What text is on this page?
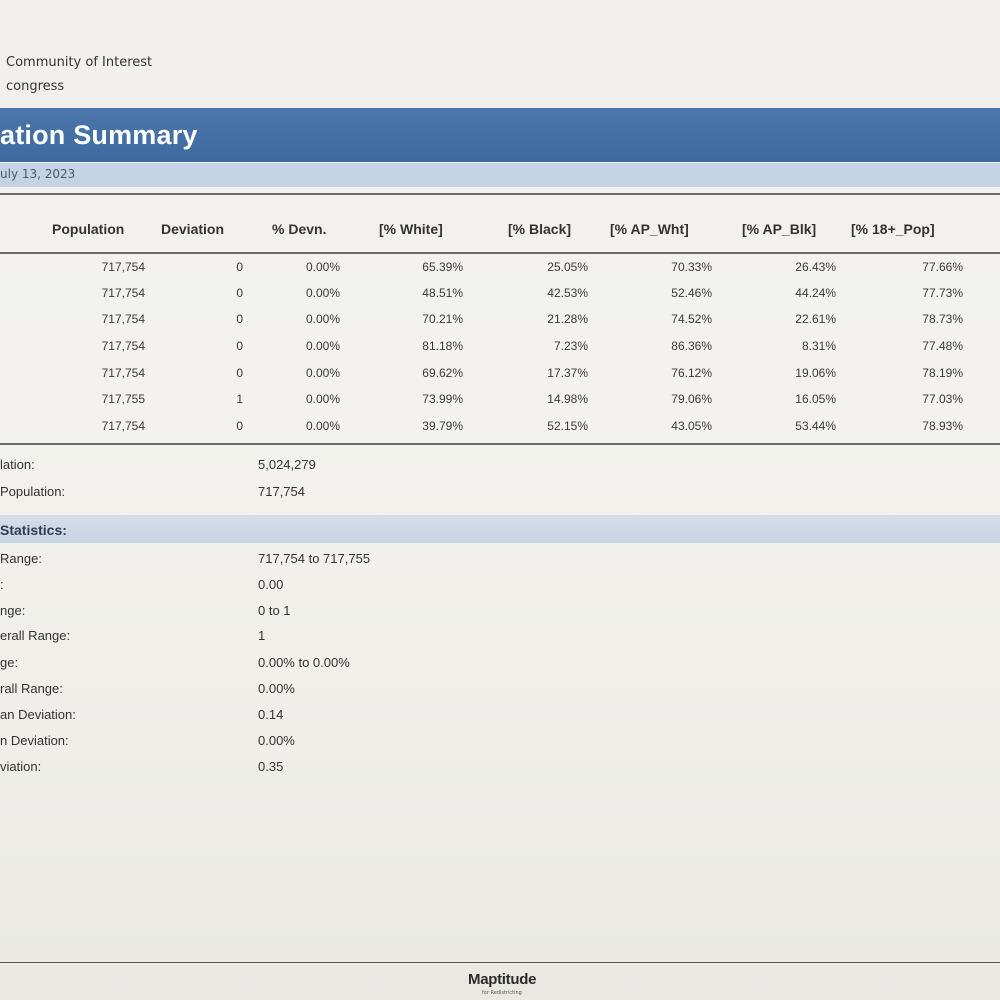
Community of Interest
congress
ation Summary
uly 13, 2023
Population	Deviation	% Devn.	[% White]	[% Black]	[% AP_Wht]	[% AP_Blk] [% 18+_Pop]
717,754	0	0.00%	65.39%	25.05%	70.33%	26.43%	77.66%
717,754	0	0.00%	48.51%	42.53%	52.46%	44.24%	77.73%
717,754	0	0.00%	70.21%	21.28%	74.52%	22.61%	78.73%
717,754	0	0.00%	81.18%	7.23%	86.36%	8.31%	77.48%
717,754	0	0.00%	69.62%	17.37%	76.12%	19.06%	78.19%
717,755	1	0.00%	73.99%	14.98%	79.06%	16.05%	77.03%
717,754	0	0.00%	39.79%	52.15%	43.05%	53.44%	78.93%
lation:	5,024,279
Population:	717,754
Statistics:
Range:	717,754 to 717,755
:	0.00
nge:	0 to 1
erall Range:	1
ge:	0.00% to 0.00%
rall Range:	0.00%
an Deviation:	0.14
n Deviation:	0.00%
viation:	0.35
Maptitude
for Redistricting
